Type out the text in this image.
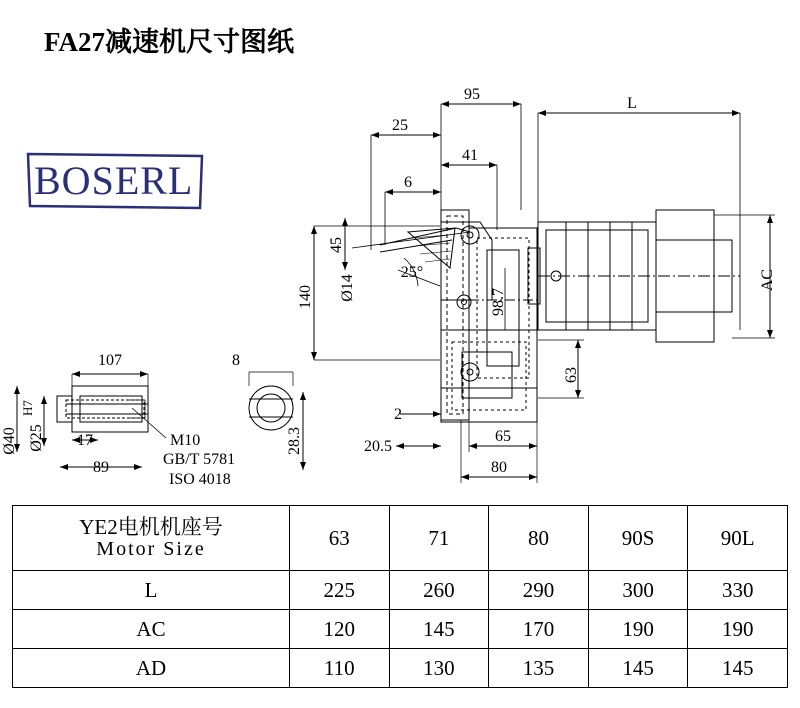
FA27减速机尺寸图纸
BOSERL
95
L
25
41
6
45
140 Ø14
25°
98.7
AC
63
2
20.5
65
80
107	8
17
89
Ø40 Ø25
H7
28.3
M10
GB/T 5781
ISO 4018
YE2电机机座号
Motor Size	63	71	80	90S	90L
L	225	260	290	300	330
AC	120	145	170	190	190
AD	110	130	135	145	145
